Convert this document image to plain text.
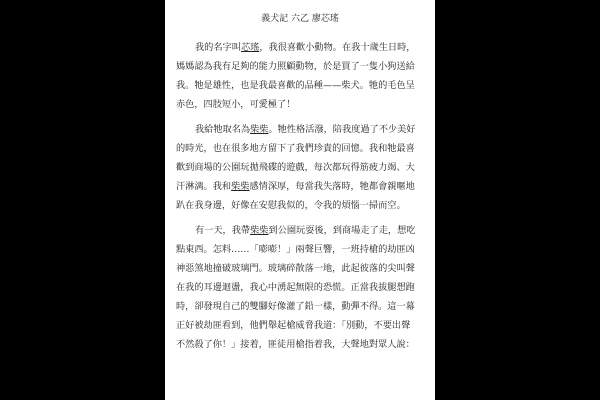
義犬記 六乙 廖芯瑤
我的名字叫芯瑤，我很喜歡小動物。在我十歲生日時，
媽媽認為我有足夠的能力照顧動物，於是買了一隻小狗送給
我。牠是雄性，也是我最喜歡的品種——柴犬。牠的毛色呈
赤色，四肢短小，可愛極了！
我給牠取名為柴柴。牠性格活潑，陪我度過了不少美好
的時光，也在很多地方留下了我們珍貴的回憶。我和牠最喜
歡到商場的公園玩拋飛碟的遊戲，每次都玩得筋疲力竭、大
汗淋漓。我和柴柴感情深厚，每當我失落時，牠都會親暱地
趴在我身邊，好像在安慰我似的，令我的煩惱一掃而空。
有一天，我帶柴柴到公園玩耍後，到商場走了走，想吃
點東西。怎料……「嘭嘭！」兩聲巨響，一班持槍的劫匪凶
神惡煞地撞破玻璃門。玻璃碎散落一地，此起彼落的尖叫聲
在我的耳邊迴盪，我心中湧起無限的恐慌。正當我拔腿想跑
時，卻發現自己的雙腳好像灌了鉛一樣，動彈不得。這一幕
正好被劫匪看到，他們舉起槍威脅我道：「別動，不要出聲
不然殺了你！」接着，匪徒用槍指着我，大聲地對眾人說：
